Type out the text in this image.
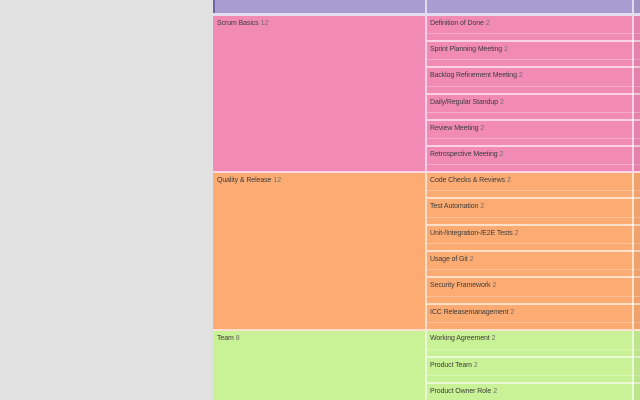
Scrum Basics 12	Definition of Done 2
Sprint Planning Meeting 2
Backlog Refinement Meeting 2
Daily/Regular Standup 2
Review Meeting 2
Retrospective Meeting 2
Quality & Release 12	Code Checks & Reviews 2
Test Automation 2
Unit-/Integration-/E2E Tests 2
Usage of Git 2
Security Framework 2
ICC Releasemanagement 2
Team 8	Working Agreement 2
Product Team 2
Product Owner Role 2
